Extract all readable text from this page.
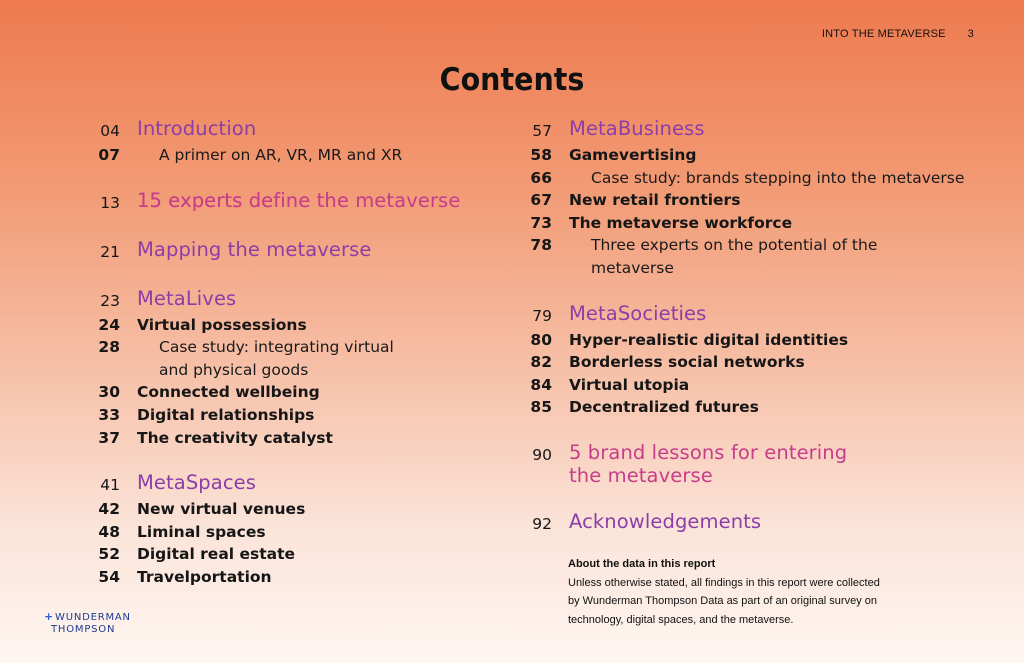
INTO THE METAVERSE 3
Contents
04 Introduction
07	A primer on AR, VR, MR and XR
13 15 experts define the metaverse
21 Mapping the metaverse
23 MetaLives
24 Virtual possessions
28	Case study: integrating virtual
and physical goods
30 Connected wellbeing
33 Digital relationships
37 The creativity catalyst
41 MetaSpaces
42 New virtual venues
48 Liminal spaces
52 Digital real estate
54 Travelportation
57 MetaBusiness
58 Gamevertising
66	Case study: brands stepping into the metaverse
67 New retail frontiers
73 The metaverse workforce
78	Three experts on the potential of the
metaverse
79 MetaSocieties
80 Hyper-realistic digital identities
82 Borderless social networks
84 Virtual utopia
85 Decentralized futures
90 5 brand lessons for entering
the metaverse
92 Acknowledgements
About the data in this report
Unless otherwise stated, all findings in this report were collected
by Wunderman Thompson Data as part of an original survey on
technology, digital spaces, and the metaverse.
+WUNDERMAN
THOMPSON
